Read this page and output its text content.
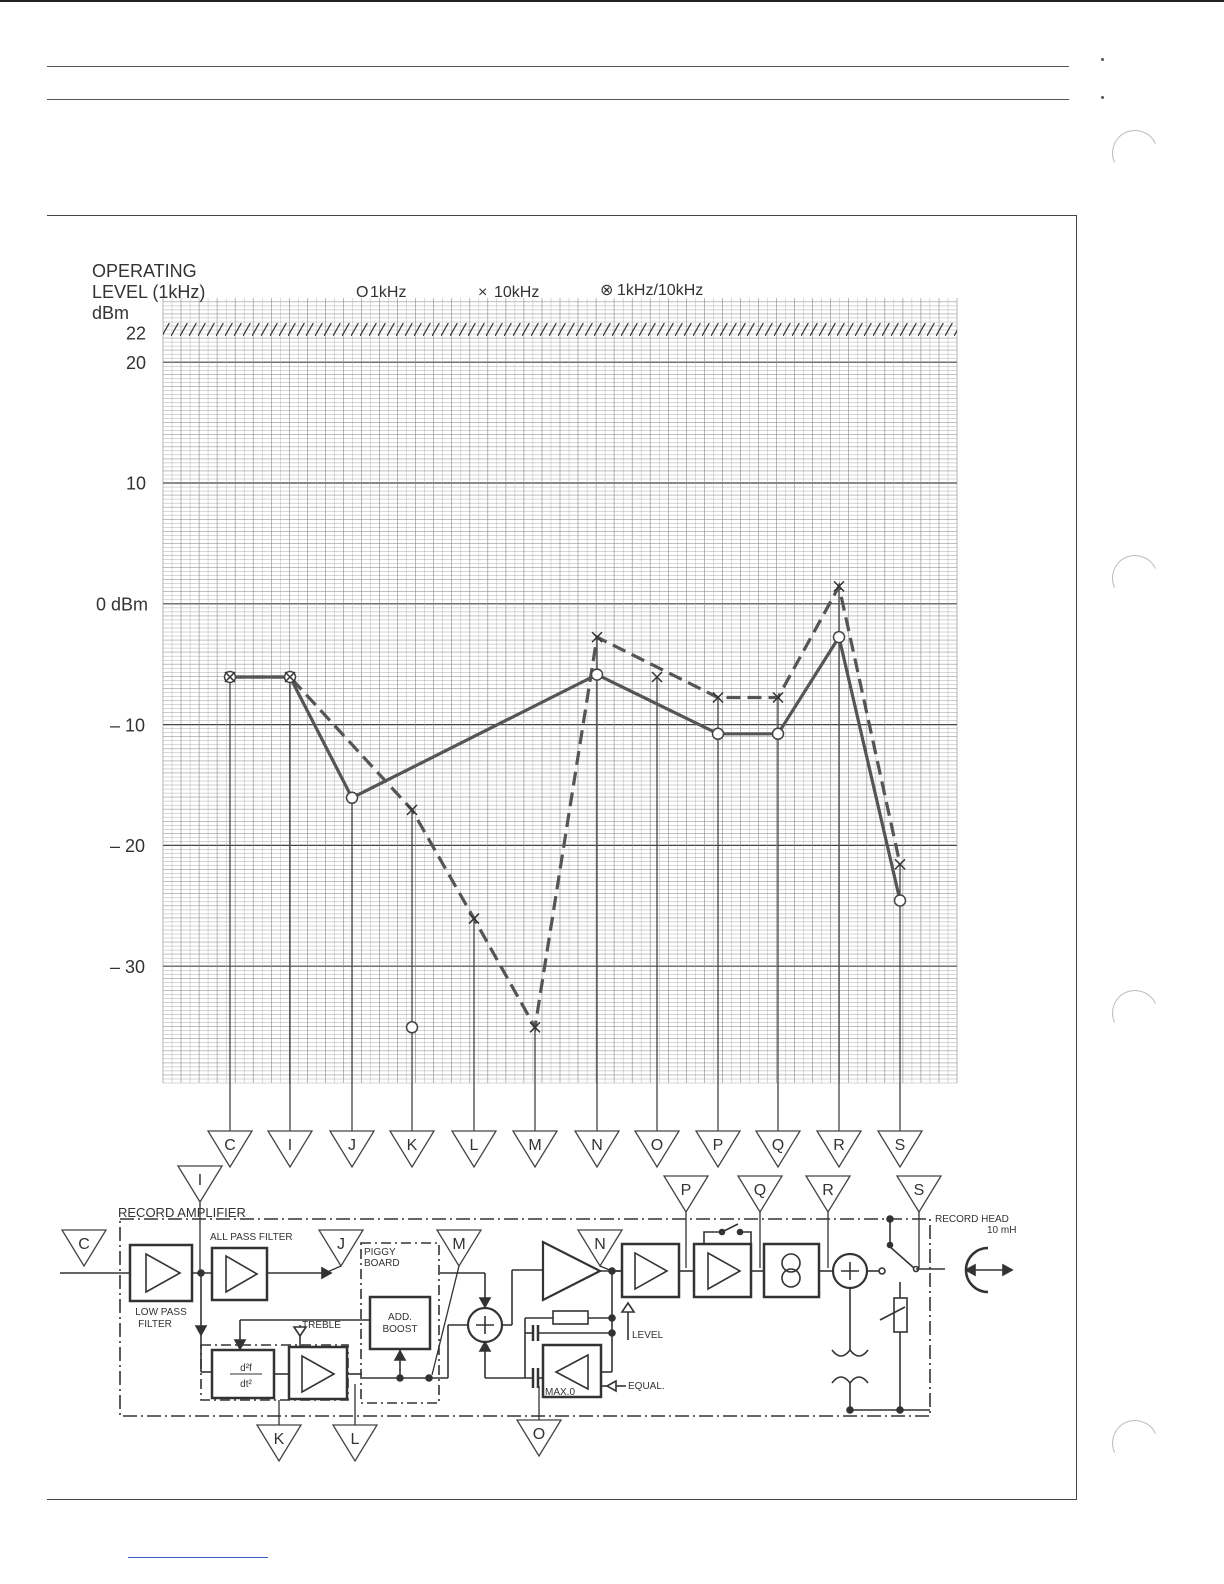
OPERATING
LEVEL (1kHz)
dBm
O 1kHz	× 10kHz	⊗ 1kHz/10kHz
22
20
10
0 dBm
– 10
– 20
– 30
C	I	J	K	L	M	N	O	P	Q	R	S
RECORD AMPLIFIER
ALL PASS FILTER
LOW PASS
FILTER
PIGGY
BOARD
ADD.
BOOST
TREBLE
d²f
dt²
LEVEL
EQUAL.
MAX.0
RECORD HEAD
10 mH
C
I
J
K	L
M	N
O
P	Q	R	S
